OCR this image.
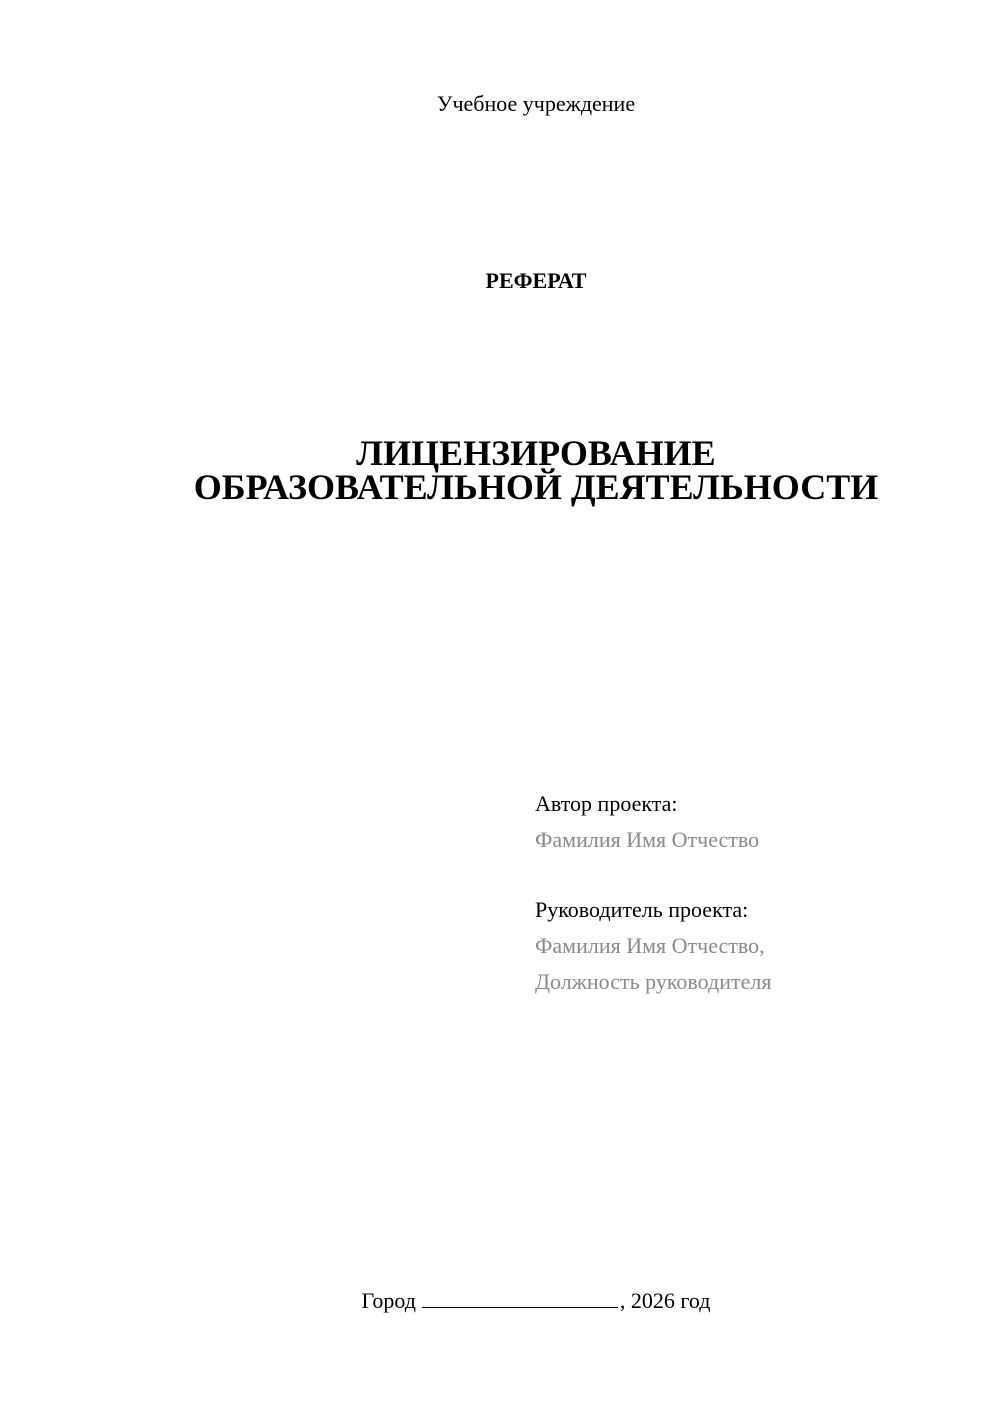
Учебное учреждение
РЕФЕРАТ
ЛИЦЕНЗИРОВАНИЕ
ОБРАЗОВАТЕЛЬНОЙ ДЕЯТЕЛЬНОСТИ
Автор проекта:
Фамилия Имя Отчество
Руководитель проекта:
Фамилия Имя Отчество,
Должность руководителя
Город	, 2026 год
